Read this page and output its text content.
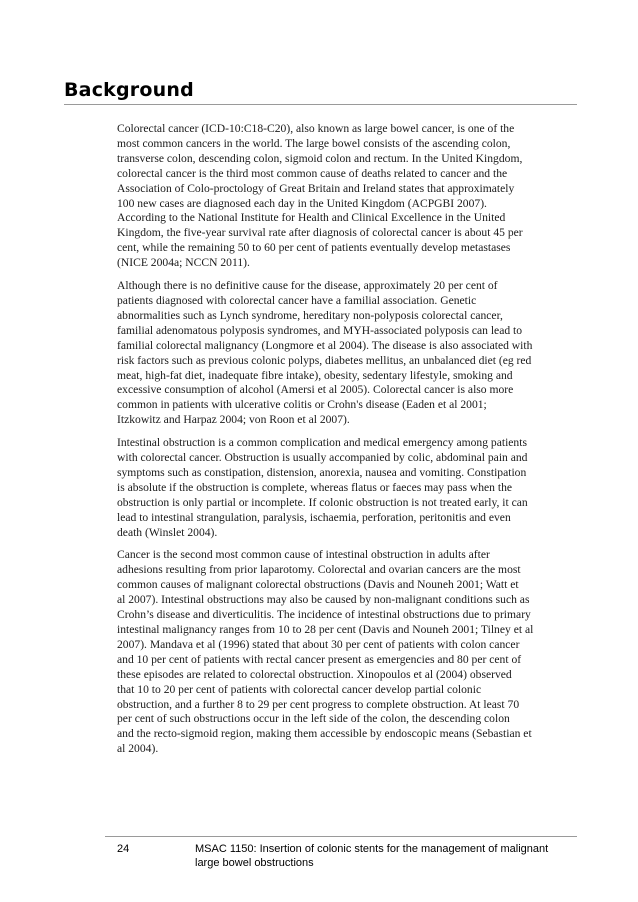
Background

Colorectal cancer (ICD-10:C18-C20), also known as large bowel cancer, is one of the
most common cancers in the world. The large bowel consists of the ascending colon,
transverse colon, descending colon, sigmoid colon and rectum. In the United Kingdom,
colorectal cancer is the third most common cause of deaths related to cancer and the
Association of Colo-proctology of Great Britain and Ireland states that approximately
100 new cases are diagnosed each day in the United Kingdom (ACPGBI 2007).
According to the National Institute for Health and Clinical Excellence in the United
Kingdom, the five-year survival rate after diagnosis of colorectal cancer is about 45 per
cent, while the remaining 50 to 60 per cent of patients eventually develop metastases
(NICE 2004a; NCCN 2011).

Although there is no definitive cause for the disease, approximately 20 per cent of
patients diagnosed with colorectal cancer have a familial association. Genetic
abnormalities such as Lynch syndrome, hereditary non-polyposis colorectal cancer,
familial adenomatous polyposis syndromes, and MYH-associated polyposis can lead to
familial colorectal malignancy (Longmore et al 2004). The disease is also associated with
risk factors such as previous colonic polyps, diabetes mellitus, an unbalanced diet (eg red
meat, high-fat diet, inadequate fibre intake), obesity, sedentary lifestyle, smoking and
excessive consumption of alcohol (Amersi et al 2005). Colorectal cancer is also more
common in patients with ulcerative colitis or Crohn's disease (Eaden et al 2001;
Itzkowitz and Harpaz 2004; von Roon et al 2007).

Intestinal obstruction is a common complication and medical emergency among patients
with colorectal cancer. Obstruction is usually accompanied by colic, abdominal pain and
symptoms such as constipation, distension, anorexia, nausea and vomiting. Constipation
is absolute if the obstruction is complete, whereas flatus or faeces may pass when the
obstruction is only partial or incomplete. If colonic obstruction is not treated early, it can
lead to intestinal strangulation, paralysis, ischaemia, perforation, peritonitis and even
death (Winslet 2004).

Cancer is the second most common cause of intestinal obstruction in adults after
adhesions resulting from prior laparotomy. Colorectal and ovarian cancers are the most
common causes of malignant colorectal obstructions (Davis and Nouneh 2001; Watt et
al 2007). Intestinal obstructions may also be caused by non-malignant conditions such as
Crohn’s disease and diverticulitis. The incidence of intestinal obstructions due to primary
intestinal malignancy ranges from 10 to 28 per cent (Davis and Nouneh 2001; Tilney et al
2007). Mandava et al (1996) stated that about 30 per cent of patients with colon cancer
and 10 per cent of patients with rectal cancer present as emergencies and 80 per cent of
these episodes are related to colorectal obstruction. Xinopoulos et al (2004) observed
that 10 to 20 per cent of patients with colorectal cancer develop partial colonic
obstruction, and a further 8 to 29 per cent progress to complete obstruction. At least 70
per cent of such obstructions occur in the left side of the colon, the descending colon
and the recto-sigmoid region, making them accessible by endoscopic means (Sebastian et
al 2004).

24	MSAC 1150: Insertion of colonic stents for the management of malignant
large bowel obstructions
